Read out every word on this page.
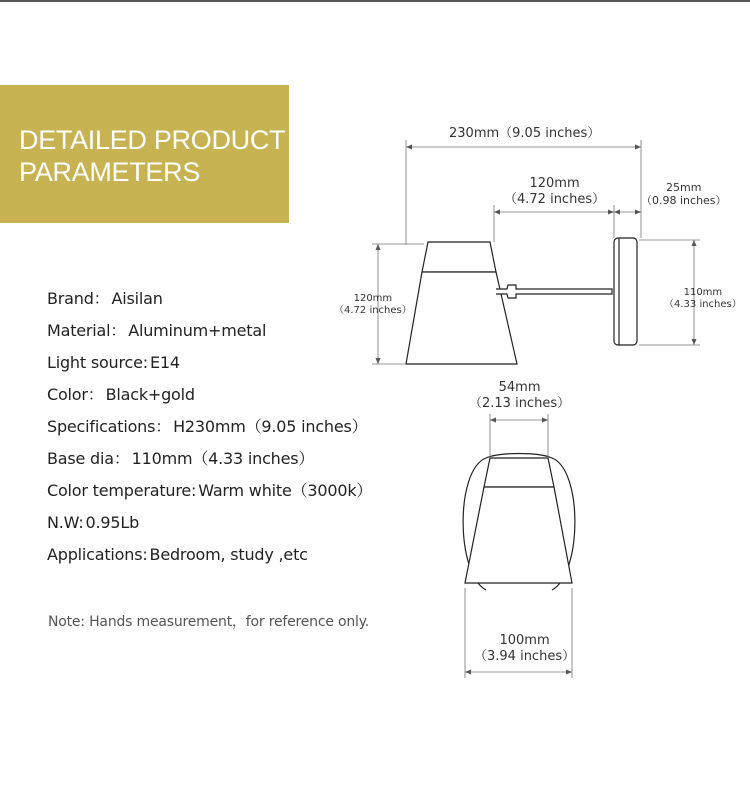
DETAILED PRODUCT
PARAMETERS
Brand： Aisilan
Material： Aluminum+metal
Light source: E14
Color： Black+gold
Specifications： H230mm（9.05 inches）
Base dia： 110mm（4.33 inches）
Color temperature: Warm white（3000k）
N.W: 0.95Lb
Applications: Bedroom, study ,etc
Note: Hands measurement，for reference only.
230mm（9.05 inches）
120mm
（4.72 inches）
25mm
（0.98 inches）
120mm
（4.72 inches）
110mm
（4.33 inches）
54mm
（2.13 inches）
100mm
（3.94 inches）
